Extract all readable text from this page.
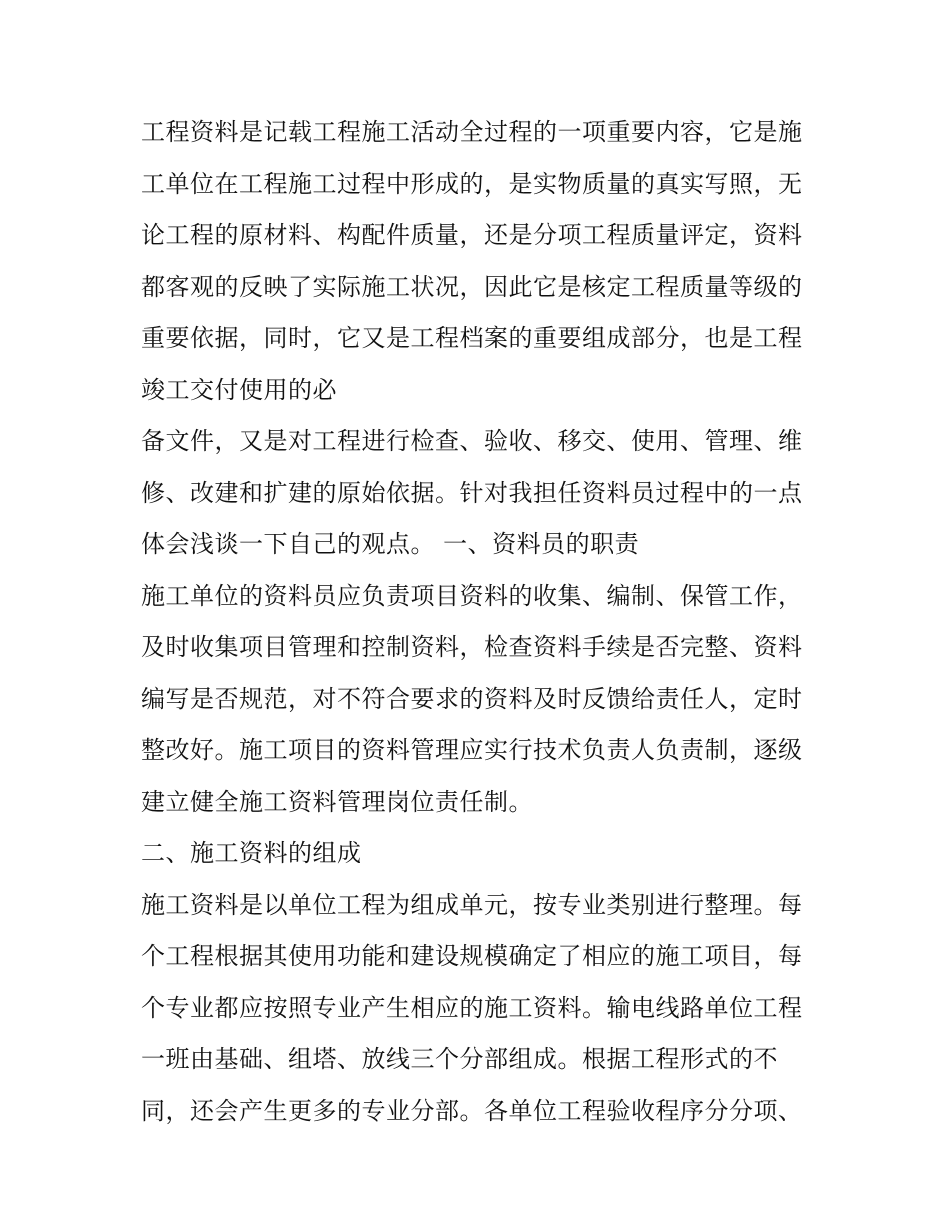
工程资料是记载工程施工活动全过程的一项重要内容，它是施
工单位在工程施工过程中形成的，是实物质量的真实写照，无
论工程的原材料、构配件质量，还是分项工程质量评定，资料
都客观的反映了实际施工状况，因此它是核定工程质量等级的
重要依据，同时，它又是工程档案的重要组成部分，也是工程
竣工交付使用的必
备文件，又是对工程进行检查、验收、移交、使用、管理、维
修、改建和扩建的原始依据。针对我担任资料员过程中的一点
体会浅谈一下自己的观点。 一、资料员的职责
施工单位的资料员应负责项目资料的收集、编制、保管工作，
及时收集项目管理和控制资料，检查资料手续是否完整、资料
编写是否规范，对不符合要求的资料及时反馈给责任人，定时
整改好。施工项目的资料管理应实行技术负责人负责制，逐级
建立健全施工资料管理岗位责任制。
二、施工资料的组成
施工资料是以单位工程为组成单元，按专业类别进行整理。每
个工程根据其使用功能和建设规模确定了相应的施工项目，每
个专业都应按照专业产生相应的施工资料。输电线路单位工程
一班由基础、组塔、放线三个分部组成。根据工程形式的不
同，还会产生更多的专业分部。各单位工程验收程序分分项、
